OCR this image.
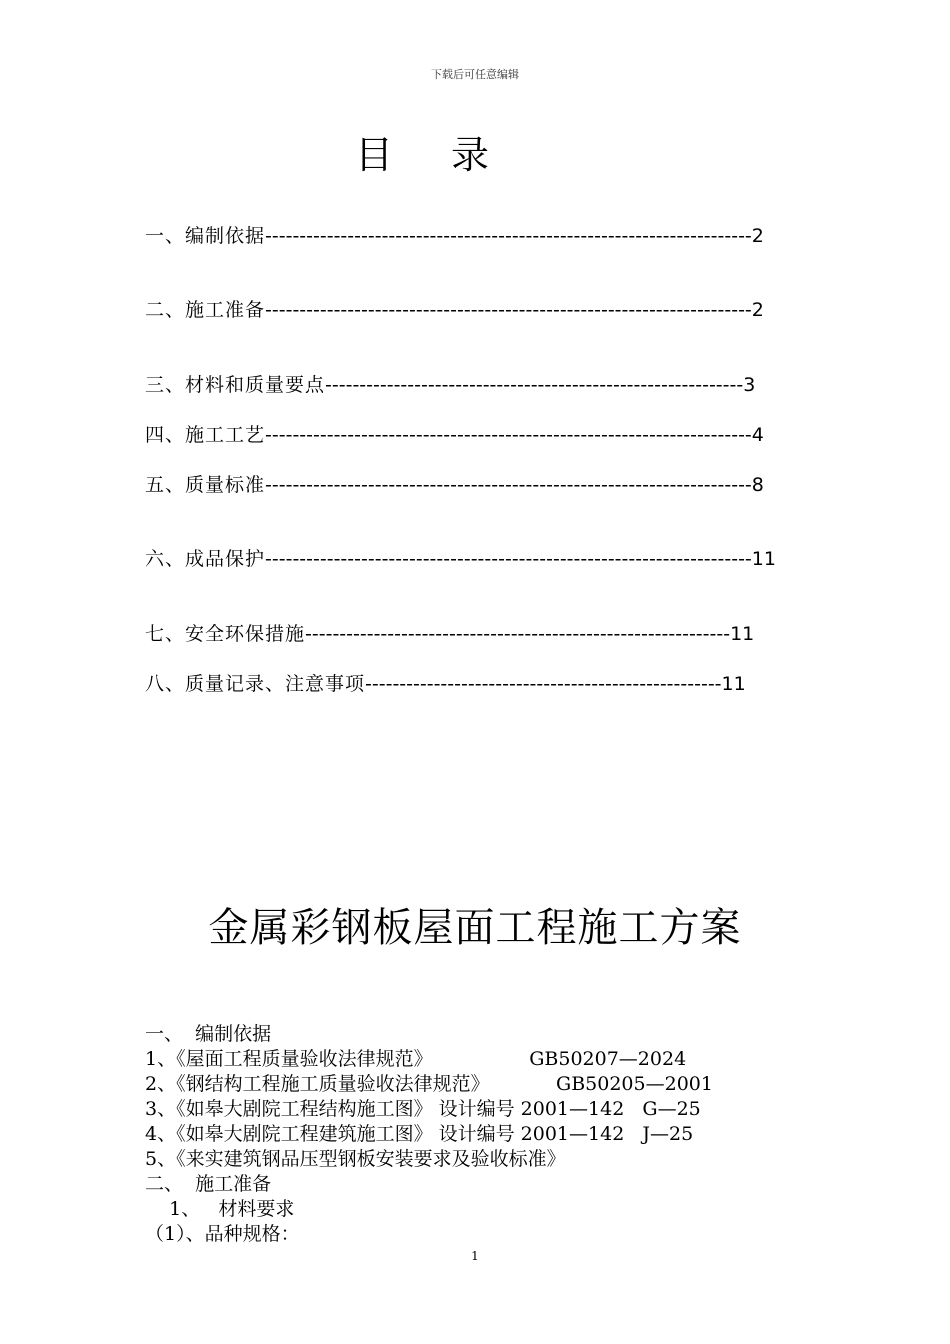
下载后可任意编辑
目录
一、编制依据-----------------------------------------------------------------------2
二、施工准备-----------------------------------------------------------------------2
三、材料和质量要点-------------------------------------------------------------3
四、施工工艺-----------------------------------------------------------------------4
五、质量标准-----------------------------------------------------------------------8
六、成品保护-----------------------------------------------------------------------11
七、安全环保措施--------------------------------------------------------------11
八、质量记录、注意事项----------------------------------------------------11
金属彩钢板屋面工程施工方案
一、  编制依据
1、《屋面工程质量验收法律规范》                GB50207—2024
2、《钢结构工程施工质量验收法律规范》           GB50205—2001
3、《如皋大剧院工程结构施工图》 设计编号 2001—142   G—25
4、《如皋大剧院工程建筑施工图》 设计编号 2001—142   J—25
5、《来实建筑钢品压型钢板安装要求及验收标准》
二、  施工准备
1、   材料要求
（1）、品种规格：
1
